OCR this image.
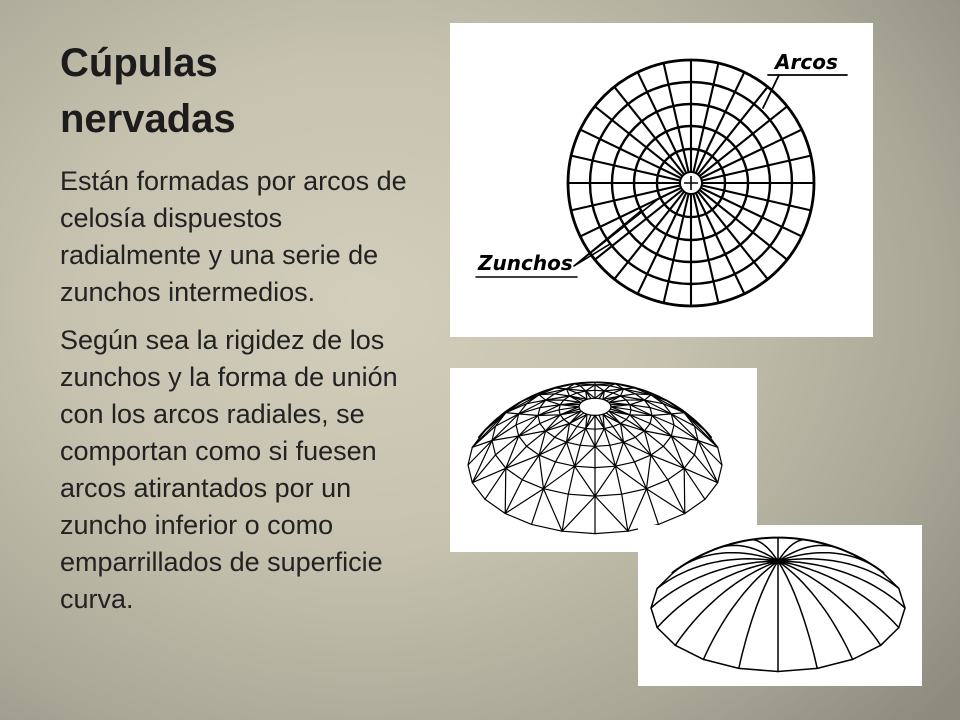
Cúpulas
nervadas

Están formadas por arcos de
celosía dispuestos
radialmente y una serie de
zunchos intermedios.

Según sea la rigidez de los
zunchos y la forma de unión
con los arcos radiales, se
comportan como si fuesen
arcos atirantados por un
zuncho inferior o como
emparrillados de superficie
curva.

Arcos
Zunchos
